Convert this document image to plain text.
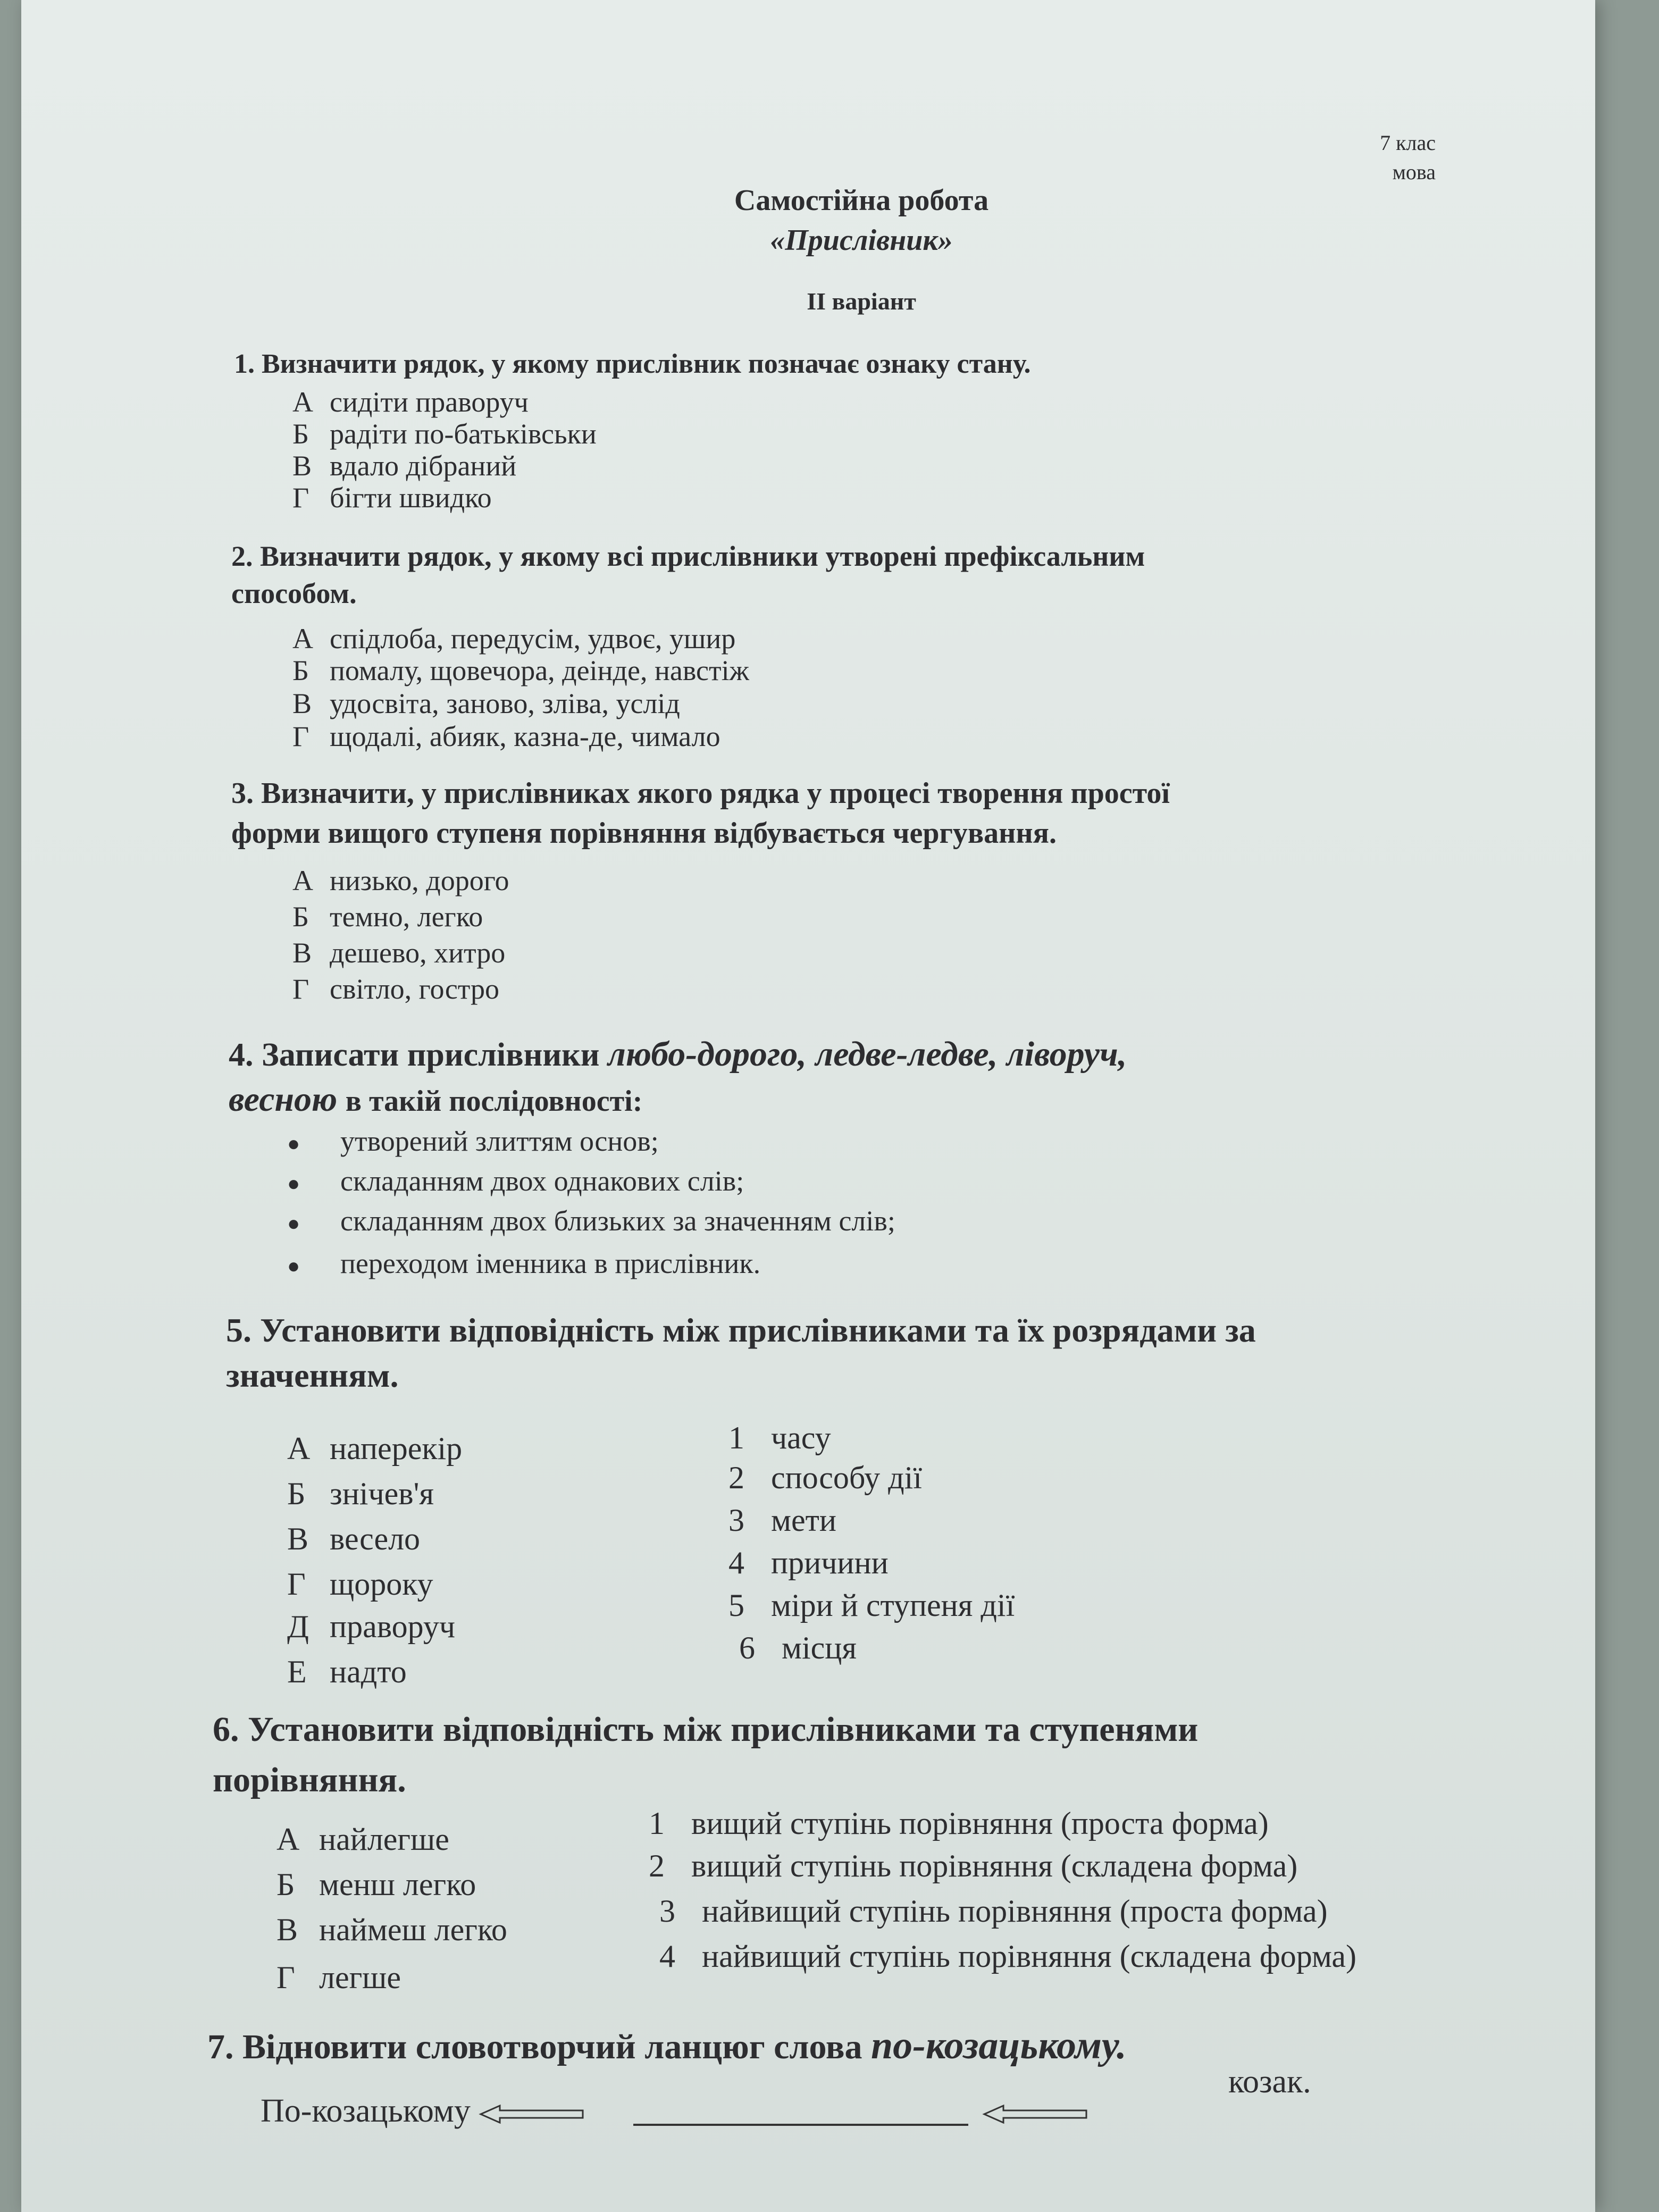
7 клас
мова
Самостійна робота
«Прислівник»
ІІ варіант
1. Визначити рядок, у якому прислівник позначає ознаку стану.
А сидіти праворуч
Б радіти по-батьківськи
В вдало дібраний
Г бігти швидко
2. Визначити рядок, у якому всі прислівники утворені префіксальним
способом.
А спідлоба, передусім, удвоє, ушир
Б помалу, щовечора, деінде, навстіж
В удосвіта, заново, зліва, услід
Г щодалі, абияк, казна-де, чимало
3. Визначити, у прислівниках якого рядка у процесі творення простої
форми вищого ступеня порівняння відбувається чергування.
А низько, дорого
Б темно, легко
В дешево, хитро
Г світло, гостро
4. Записати прислівники любо-дорого, ледве-ледве, ліворуч,
весною в такій послідовності:
● утворений злиттям основ;
● складанням двох однакових слів;
● складанням двох близьких за значенням слів;
● переходом іменника в прислівник.
5. Установити відповідність між прислівниками та їх розрядами за
значенням.
А наперекір
Б знічев'я
В весело
Г щороку
Д праворуч
Е надто
1 часу
2 способу дії
3 мети
4 причини
5 міри й ступеня дії
6 місця
6. Установити відповідність між прислівниками та ступенями
порівняння.
А найлегше
Б менш легко
В наймеш легко
Г легше
1 вищий ступінь порівняння (проста форма)
2 вищий ступінь порівняння (складена форма)
3 найвищий ступінь порівняння (проста форма)
4 найвищий ступінь порівняння (складена форма)
7. Відновити словотворчий ланцюг слова по-козацькому.
По-козацькому
козак.
